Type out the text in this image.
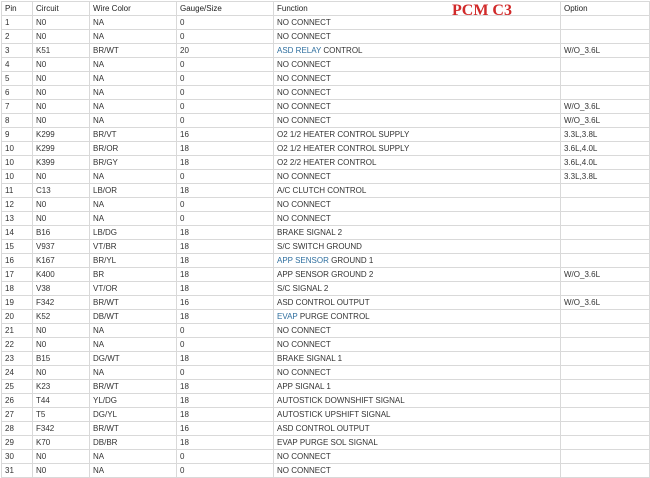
Pin	Circuit	Wire Color	Gauge/Size	Function	Option
1	N0	NA	0	NO CONNECT	
2	N0	NA	0	NO CONNECT	
3	K51	BR/WT	20	ASD RELAY CONTROL	W/O_3.6L
4	N0	NA	0	NO CONNECT	
5	N0	NA	0	NO CONNECT	
6	N0	NA	0	NO CONNECT	
7	N0	NA	0	NO CONNECT	W/O_3.6L
8	N0	NA	0	NO CONNECT	W/O_3.6L
9	K299	BR/VT	16	O2 1/2 HEATER CONTROL SUPPLY	3.3L,3.8L
10	K299	BR/OR	18	O2 1/2 HEATER CONTROL SUPPLY	3.6L,4.0L
10	K399	BR/GY	18	O2 2/2 HEATER CONTROL	3.6L,4.0L
10	N0	NA	0	NO CONNECT	3.3L,3.8L
11	C13	LB/OR	18	A/C CLUTCH CONTROL	
12	N0	NA	0	NO CONNECT	
13	N0	NA	0	NO CONNECT	
14	B16	LB/DG	18	BRAKE SIGNAL 2	
15	V937	VT/BR	18	S/C SWITCH GROUND	
16	K167	BR/YL	18	APP SENSOR GROUND 1	
17	K400	BR	18	APP SENSOR GROUND 2	W/O_3.6L
18	V38	VT/OR	18	S/C SIGNAL 2	
19	F342	BR/WT	16	ASD CONTROL OUTPUT	W/O_3.6L
20	K52	DB/WT	18	EVAP PURGE CONTROL	
21	N0	NA	0	NO CONNECT	
22	N0	NA	0	NO CONNECT	
23	B15	DG/WT	18	BRAKE SIGNAL 1	
24	N0	NA	0	NO CONNECT	
25	K23	BR/WT	18	APP SIGNAL 1	
26	T44	YL/DG	18	AUTOSTICK DOWNSHIFT SIGNAL	
27	T5	DG/YL	18	AUTOSTICK UPSHIFT SIGNAL	
28	F342	BR/WT	16	ASD CONTROL OUTPUT	
29	K70	DB/BR	18	EVAP PURGE SOL SIGNAL	
30	N0	NA	0	NO CONNECT	
31	N0	NA	0	NO CONNECT	
PCM C3
